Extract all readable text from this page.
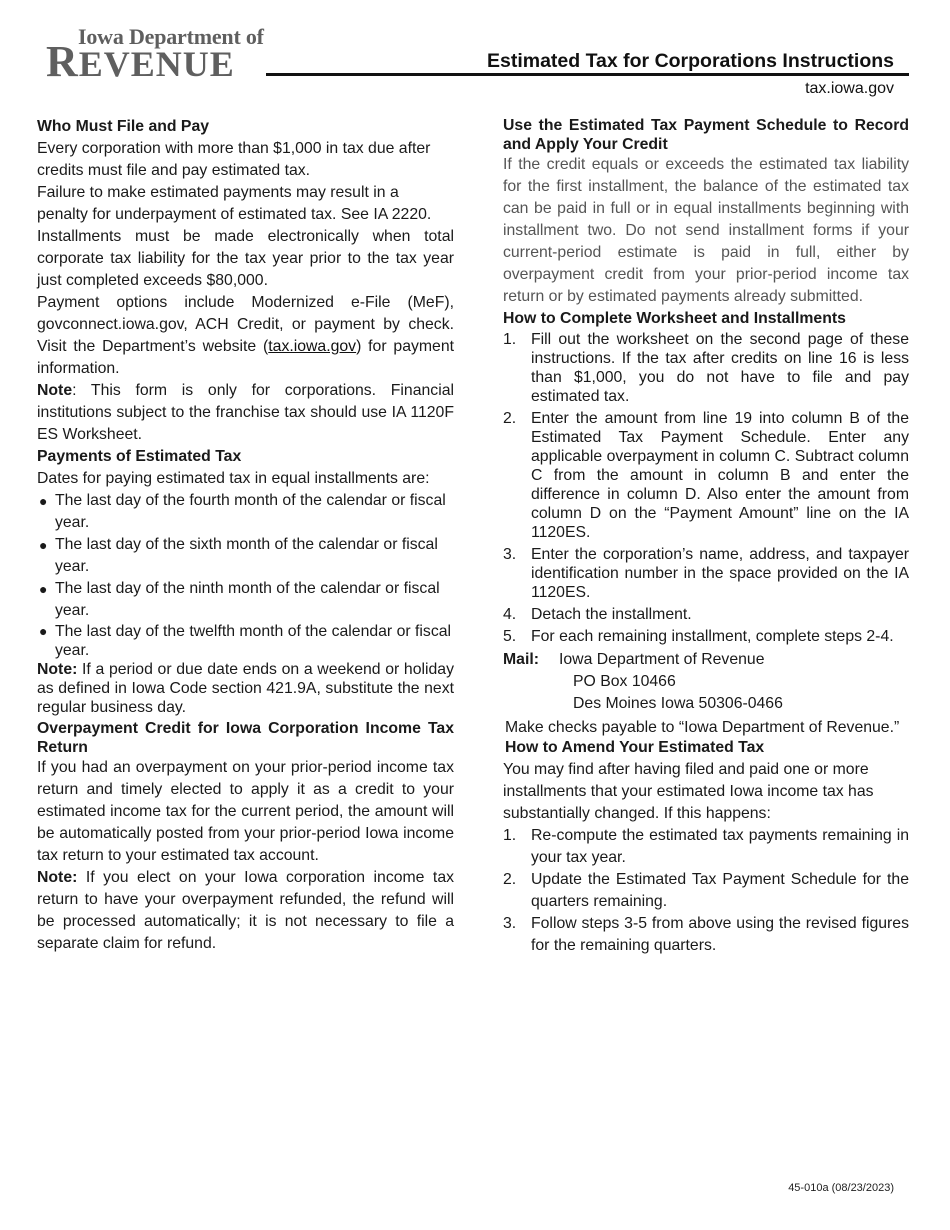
Iowa Department of
REVENUE	Estimated Tax for Corporations Instructions
tax.iowa.gov

Who Must File and Pay

Every corporation with more than $1,000 in tax due after credits must file and pay estimated tax.

Failure to make estimated payments may result in a penalty for underpayment of estimated tax. See IA 2220.

Installments must be made electronically when total corporate tax liability for the tax year prior to the tax year just completed exceeds $80,000.

Payment options include Modernized e-File (MeF), govconnect.iowa.gov, ACH Credit, or payment by check. Visit the Department’s website (tax.iowa.gov) for payment information.

Note: This form is only for corporations. Financial institutions subject to the franchise tax should use IA 1120F ES Worksheet.

Payments of Estimated Tax

Dates for paying estimated tax in equal installments are:

● The last day of the fourth month of the calendar or fiscal year.
● The last day of the sixth month of the calendar or fiscal year.
● The last day of the ninth month of the calendar or fiscal year.
● The last day of the twelfth month of the calendar or fiscal year.

Note: If a period or due date ends on a weekend or holiday as defined in Iowa Code section 421.9A, substitute the next regular business day.

Overpayment Credit for Iowa Corporation Income Tax Return

If you had an overpayment on your prior-period income tax return and timely elected to apply it as a credit to your estimated income tax for the current period, the amount will be automatically posted from your prior-period Iowa income tax return to your estimated tax account.

Note: If you elect on your Iowa corporation income tax return to have your overpayment refunded, the refund will be processed automatically; it is not necessary to file a separate claim for refund.

Use the Estimated Tax Payment Schedule to Record and Apply Your Credit

If the credit equals or exceeds the estimated tax liability for the first installment, the balance of the estimated tax can be paid in full or in equal installments beginning with installment two. Do not send installment forms if your current-period estimate is paid in full, either by overpayment credit from your prior-period income tax return or by estimated payments already submitted.

How to Complete Worksheet and Installments

1. Fill out the worksheet on the second page of these instructions. If the tax after credits on line 16 is less than $1,000, you do not have to file and pay estimated tax.
2. Enter the amount from line 19 into column B of the Estimated Tax Payment Schedule. Enter any applicable overpayment in column C. Subtract column C from the amount in column B and enter the difference in column D. Also enter the amount from column D on the “Payment Amount” line on the IA 1120ES.
3. Enter the corporation’s name, address, and taxpayer identification number in the space provided on the IA 1120ES.
4. Detach the installment.
5. For each remaining installment, complete steps 2-4.
Mail:	Iowa Department of Revenue
PO Box 10466
Des Moines Iowa 50306-0466

Make checks payable to “Iowa Department of Revenue.”

How to Amend Your Estimated Tax

You may find after having filed and paid one or more installments that your estimated Iowa income tax has substantially changed. If this happens:

1. Re-compute the estimated tax payments remaining in your tax year.
2. Update the Estimated Tax Payment Schedule for the quarters remaining.
3. Follow steps 3-5 from above using the revised figures for the remaining quarters.
45-010a (08/23/2023)
